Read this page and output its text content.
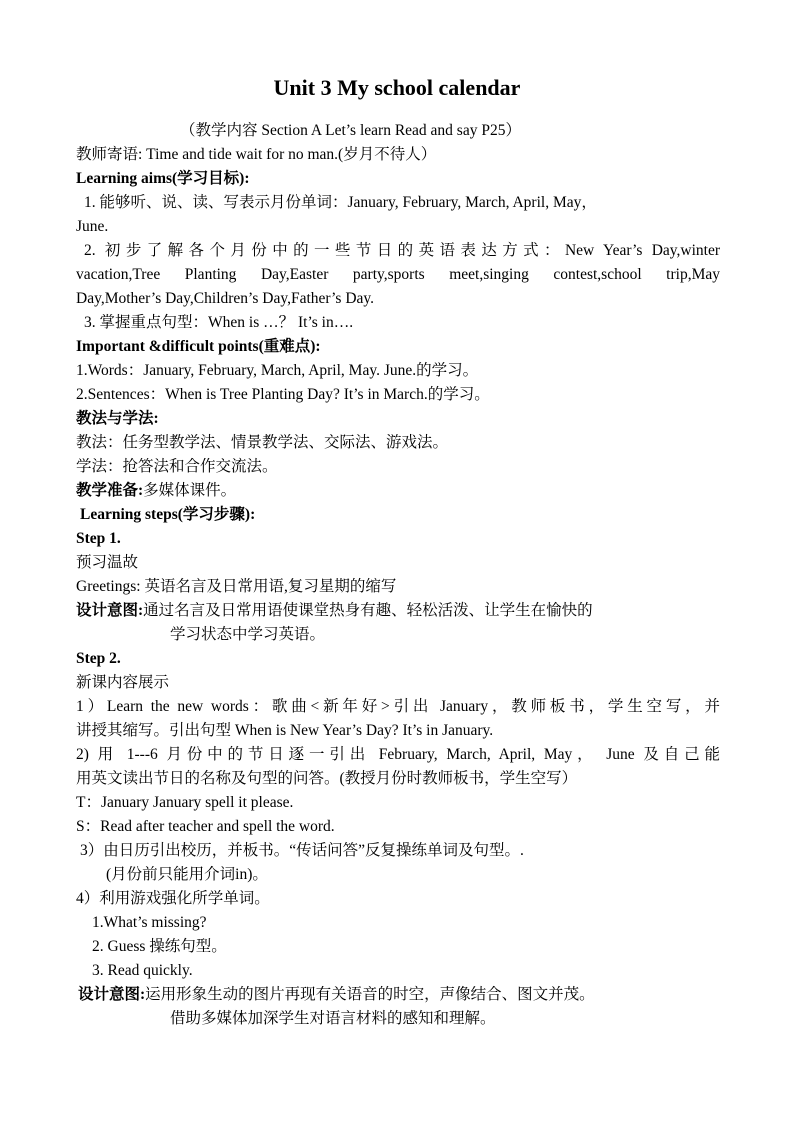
Unit 3 My school calendar
（教学内容 Section A Let’s learn Read and say P25）
教师寄语: Time and tide wait for no man.(岁月不待人）
Learning aims(学习目标):
1. 能够听、说、读、写表示月份单词：January, February, March, April, May，
June.
2. 初步了解各个月份中的一些节日的英语表达方式：New Year’s Day,winter
vacation,Tree Planting Day,Easter party,sports meet,singing contest,school trip,May
Day,Mother’s Day,Children’s Day,Father’s Day.
3. 掌握重点句型：When is …？ It’s in….
Important &difficult points(重难点):
1.Words：January, February, March, April, May. June.的学习。
2.Sentences：When is Tree Planting Day? It’s in March.的学习。
教法与学法:
教法：任务型教学法、情景教学法、交际法、游戏法。
学法：抢答法和合作交流法。
教学准备:多媒体课件。
Learning steps(学习步骤):
Step 1.
预习温故
Greetings: 英语名言及日常用语,复习星期的缩写
设计意图:通过名言及日常用语使课堂热身有趣、轻松活泼、让学生在愉快的
学习状态中学习英语。
Step 2.
新课内容展示
1）Learn the new words：歌曲<新年好>引出 January，教师板书，学生空写，并
讲授其缩写。引出句型 When is New Year’s Day? It’s in January.
2) 用 1---6 月份中的节日逐一引出 February, March, April, May， June 及自己能
用英文读出节日的名称及句型的问答。(教授月份时教师板书，学生空写）
T：January January spell it please.
S：Read after teacher and spell the word.
3）由日历引出校历，并板书。“传话问答”反复操练单词及句型。.
(月份前只能用介词in)。
4）利用游戏强化所学单词。
1.What’s missing?
2. Guess 操练句型。
3. Read quickly.
设计意图:运用形象生动的图片再现有关语音的时空，声像结合、图文并茂。
借助多媒体加深学生对语言材料的感知和理解。
